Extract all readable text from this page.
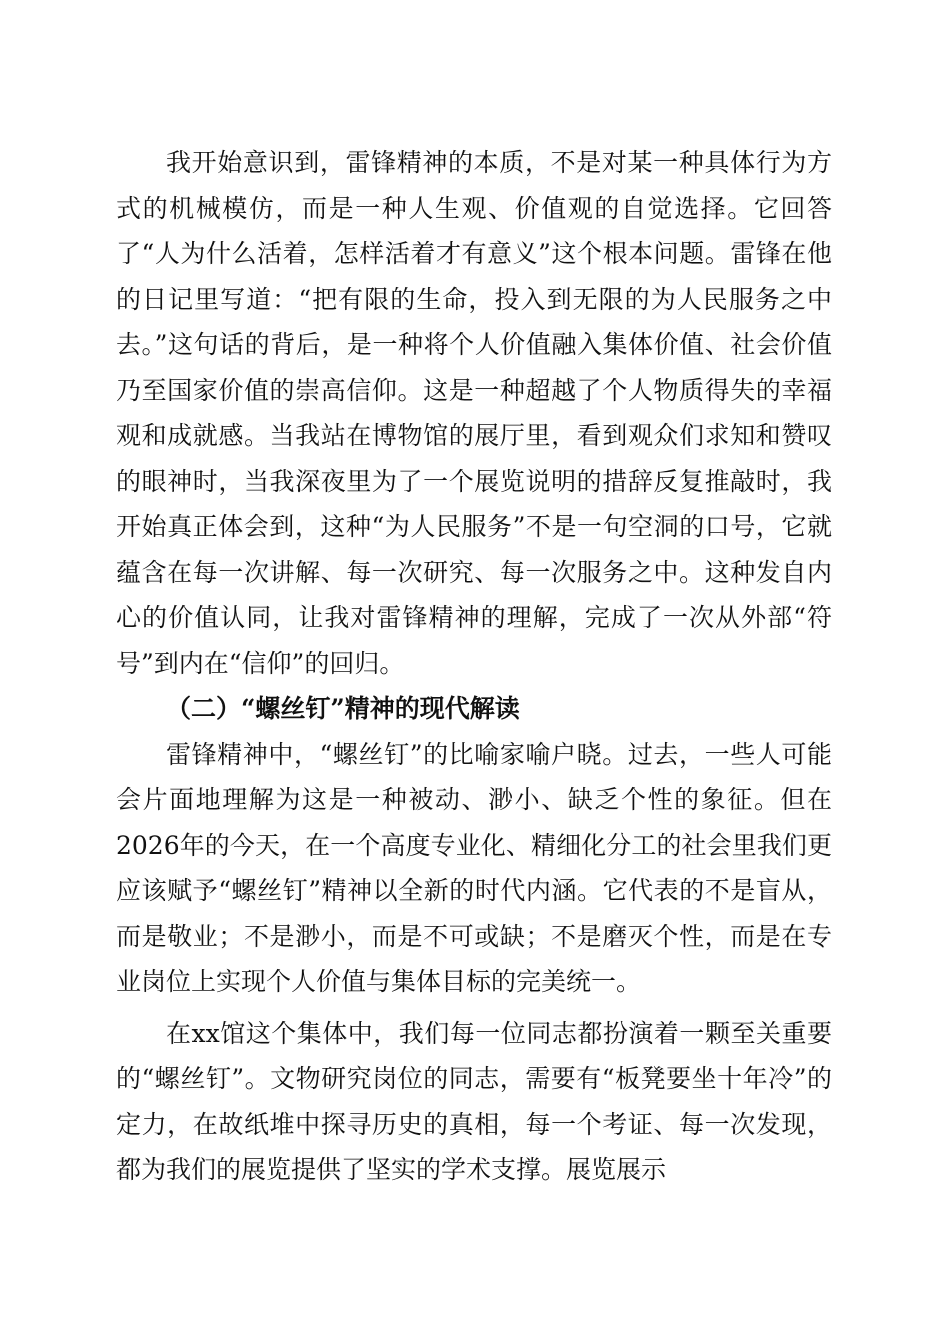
我开始意识到，雷锋精神的本质，不是对某一种具体行为方式的机械模仿，而是一种人生观、价值观的自觉选择。它回答了“人为什么活着，怎样活着才有意义”这个根本问题。雷锋在他的日记里写道：“把有限的生命，投入到无限的为人民服务之中去。”这句话的背后，是一种将个人价值融入集体价值、社会价值乃至国家价值的崇高信仰。这是一种超越了个人物质得失的幸福观和成就感。当我站在博物馆的展厅里，看到观众们求知和赞叹的眼神时，当我深夜里为了一个展览说明的措辞反复推敲时，我开始真正体会到，这种“为人民服务”不是一句空洞的口号，它就蕴含在每一次讲解、每一次研究、每一次服务之中。这种发自内心的价值认同，让我对雷锋精神的理解，完成了一次从外部“符号”到内在“信仰”的回归。

（二）“螺丝钉”精神的现代解读

雷锋精神中，“螺丝钉”的比喻家喻户晓。过去，一些人可能会片面地理解为这是一种被动、渺小、缺乏个性的象征。但在2026年的今天，在一个高度专业化、精细化分工的社会里我们更应该赋予“螺丝钉”精神以全新的时代内涵。它代表的不是盲从，而是敬业；不是渺小，而是不可或缺；不是磨灭个性，而是在专业岗位上实现个人价值与集体目标的完美统一。

在xx馆这个集体中，我们每一位同志都扮演着一颗至关重要的“螺丝钉”。文物研究岗位的同志，需要有“板凳要坐十年冷”的定力，在故纸堆中探寻历史的真相，每一个考证、每一次发现，都为我们的展览提供了坚实的学术支撑。展览展示
